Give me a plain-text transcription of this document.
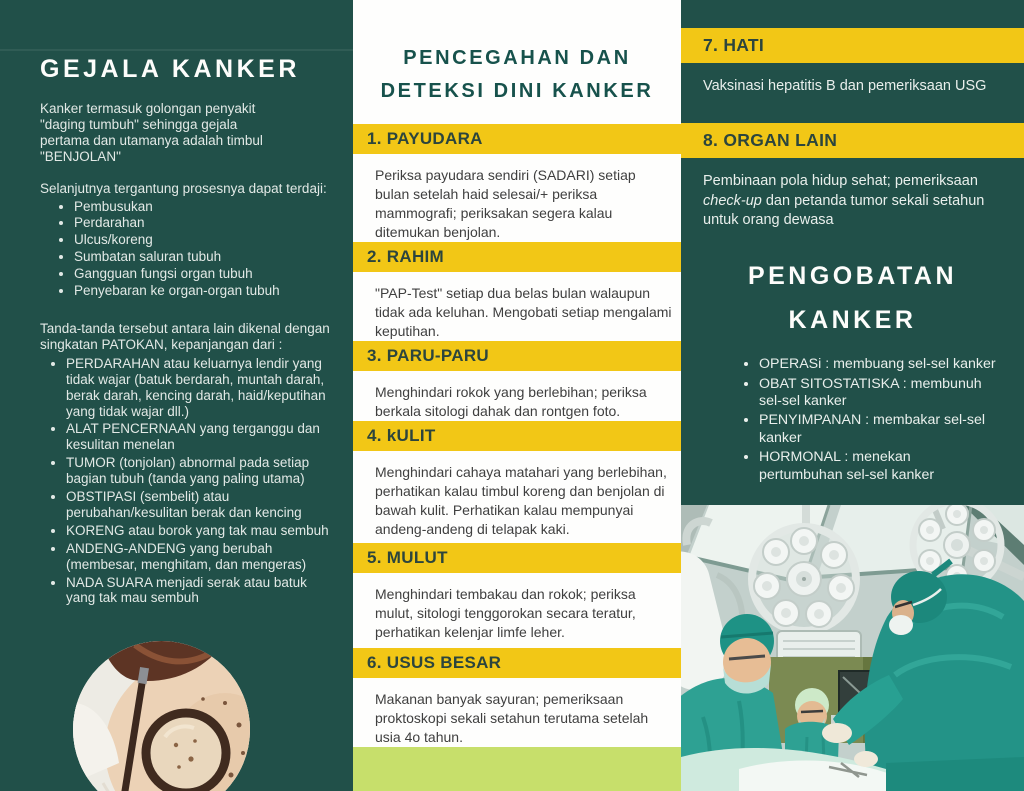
GEJALA KANKER

Kanker termasuk golongan penyakit "daging tumbuh" sehingga gejala pertama dan utamanya adalah timbul "BENJOLAN"

Selanjutnya tergantung prosesnya dapat terdaji:

• Pembusukan
• Perdarahan
• Ulcus/koreng
• Sumbatan saluran tubuh
• Gangguan fungsi organ tubuh
• Penyebaran ke organ-organ tubuh

Tanda-tanda tersebut antara lain dikenal dengan singkatan PATOKAN, kepanjangan dari :

• PERDARAHAN atau keluarnya lendir yang tidak wajar (batuk berdarah, muntah darah, berak darah, kencing darah, haid/keputihan yang tidak wajar dll.)
• ALAT PENCERNAAN yang terganggu dan kesulitan menelan
• TUMOR (tonjolan) abnormal pada setiap bagian tubuh (tanda yang paling utama)
• OBSTIPASI (sembelit) atau perubahan/kesulitan berak dan kencing
• KORENG atau borok yang tak mau sembuh
• ANDENG-ANDENG yang berubah (membesar, menghitam, dan mengeras)
• NADA SUARA menjadi serak atau batuk yang tak mau sembuh
PENCEGAHAN DAN
DETEKSI DINI KANKER
1. PAYUDARA

Periksa payudara sendiri (SADARI) setiap bulan setelah haid selesai/+ periksa mammografi; periksakan segera kalau ditemukan benjolan.

2. RAHIM

"PAP-Test" setiap dua belas bulan walaupun tidak ada keluhan. Mengobati setiap mengalami keputihan.

3. PARU-PARU

Menghindari rokok yang berlebihan; periksa berkala sitologi dahak dan rontgen foto.

4. kULIT

Menghindari cahaya matahari yang berlebihan, perhatikan kalau timbul koreng dan benjolan di bawah kulit. Perhatikan kalau mempunyai andeng-andeng di telapak kaki.

5. MULUT

Menghindari tembakau dan rokok; periksa mulut, sitologi tenggorokan secara teratur, perhatikan kelenjar limfe leher.

6. USUS BESAR

Makanan banyak sayuran; pemeriksaan proktoskopi sekali setahun terutama setelah usia 4o tahun.

7. HATI

Vaksinasi hepatitis B dan pemeriksaan USG

8. ORGAN LAIN

Pembinaan pola hidup sehat; pemeriksaan check-up dan petanda tumor sekali setahun untuk orang dewasa

PENGOBATAN
KANKER
• OPERASi : membuang sel-sel kanker
• OBAT SITOSTATISKA : membunuh sel-sel kanker
• PENYIMPANAN : membakar sel-sel kanker
• HORMONAL : menekan pertumbuhan sel-sel kanker
